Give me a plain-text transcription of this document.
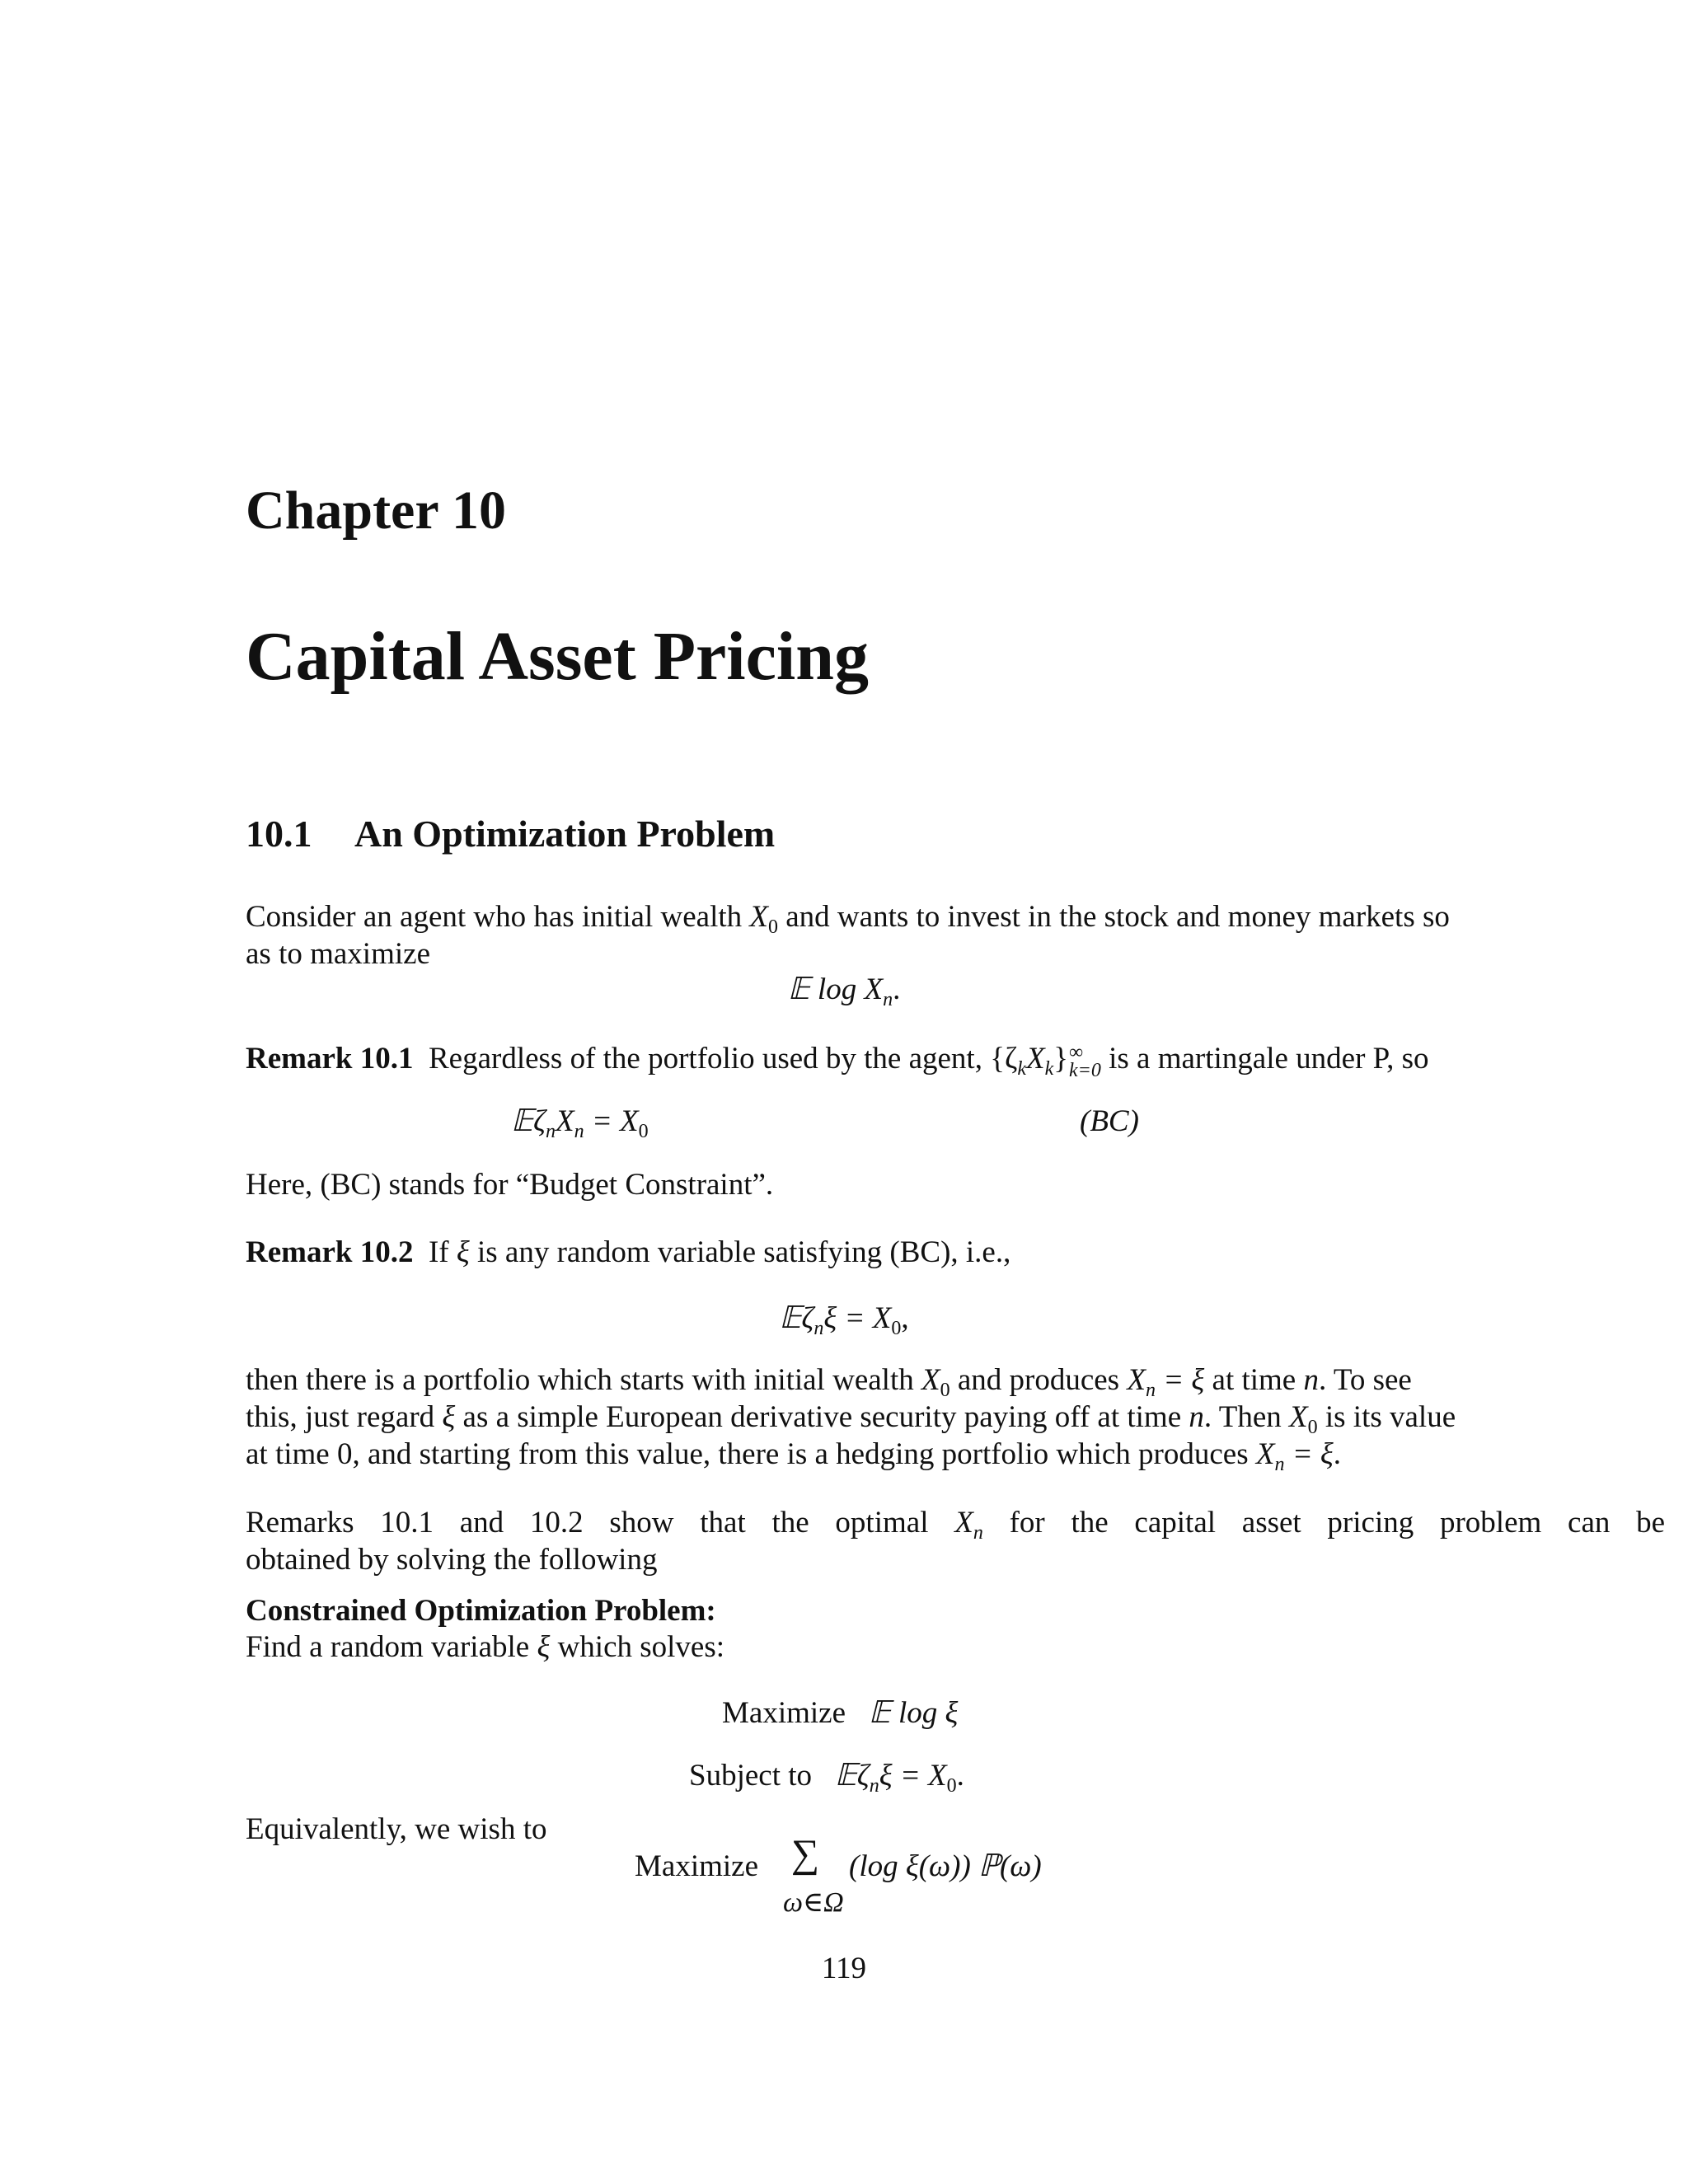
Chapter 10
Capital Asset Pricing
10.1 An Optimization Problem
Consider an agent who has initial wealth $X_0$ and wants to invest in the stock and money markets so
as to maximize
𝔼 $\log X_n$.
Remark 10.1 Regardless of the portfolio used by the agent, $\{\zeta_kX_k\}$ ∞
k=0 is a martingale under P, so
$𝔼\zeta_nX_n = X_0$	(BC)
Here, (BC) stands for “Budget Constraint”.
Remark 10.2 If ξ is any random variable satisfying (BC), i.e.,
𝔼ζ$_n$ξ = $X_0$,
then there is a portfolio which starts with initial wealth $X_0$ and produces $X_n = \xi$ at time n. To see
this, just regard ξ as a simple European derivative security paying off at time n. Then $X_0$ is its value
at time 0, and starting from this value, there is a hedging portfolio which produces $X_n = \xi$.
Remarks 10.1 and 10.2 show that the optimal $X_n$ for the capital asset pricing problem can be
obtained by solving the following
Constrained Optimization Problem:
Find a random variable ξ which solves:
Maximize 𝔼 log ξ
Subject to 𝔼ζ$_n$ξ = $X_0$.
Equivalently, we wish to
Maximize ∑ (log ξ(ω)) ℙ(ω)
ω∈Ω
119
